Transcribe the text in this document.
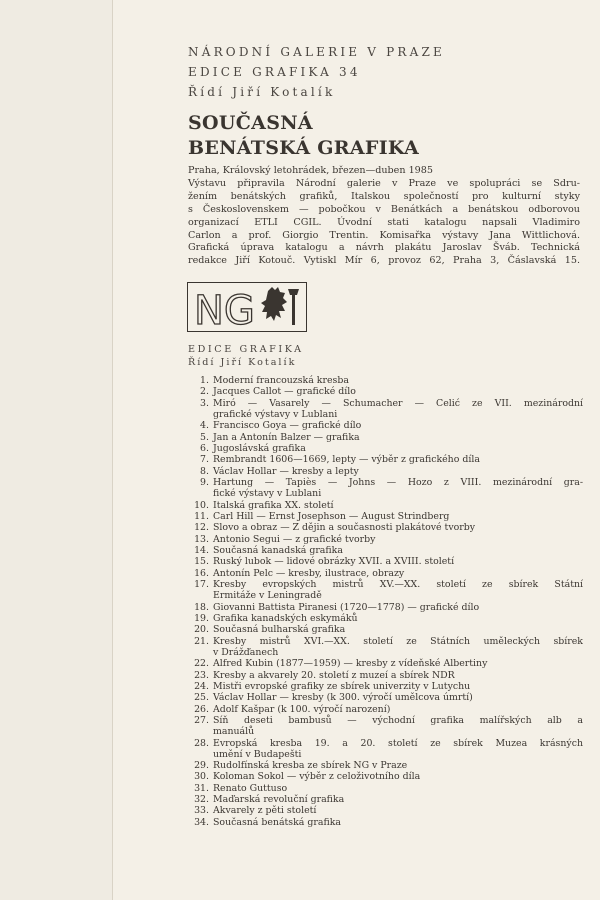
NÁRODNÍ GALERIE V PRAZE
EDICE GRAFIKA 34
Řídí Jiří Kotalík
SOUČASNÁ
BENÁTSKÁ GRAFIKA
Praha, Královský letohrádek, březen—duben 1985
Výstavu připravila Národní galerie v Praze ve spolupráci se Sdru-
žením benátských grafiků, Italskou společností pro kulturní styky
s Československem — pobočkou v Benátkách a benátskou odborovou
organizací ETLI CGIL. Úvodní stati katalogu napsali Vladimiro
Carlon a prof. Giorgio Trentin. Komisařka výstavy Jana Wittlichová.
Grafická úprava katalogu a návrh plakátu Jaroslav Šváb. Technická
redakce Jiří Kotouč. Vytiskl Mír 6, provoz 62, Praha 3, Čáslavská 15.
NG
EDICE GRAFIKA
Řídí Jiří Kotalík
1. Moderní francouzská kresba
2. Jacques Callot — grafické dílo
3. Miró — Vasarely — Schumacher — Celić ze VII. mezinárodní
grafické výstavy v Lublani
4. Francisco Goya — grafické dílo
5. Jan a Antonín Balzer — grafika
6. Jugoslávská grafika
7. Rembrandt 1606—1669, lepty — výběr z grafického díla
8. Václav Hollar — kresby a lepty
9. Hartung — Tapiès — Johns — Hozo z VIII. mezinárodní gra-
fické výstavy v Lublani
10. Italská grafika XX. století
11. Carl Hill — Ernst Josephson — August Strindberg
12. Slovo a obraz — Z dějin a současnosti plakátové tvorby
13. Antonio Segui — z grafické tvorby
14. Současná kanadská grafika
15. Ruský lubok — lidové obrázky XVII. a XVIII. století
16. Antonín Pelc — kresby, ilustrace, obrazy
17. Kresby evropských mistrů XV.—XX. století ze sbírek Státní
Ermitáže v Leningradě
18. Giovanni Battista Piranesi (1720—1778) — grafické dílo
19. Grafika kanadských eskymáků
20. Současná bulharská grafika
21. Kresby mistrů XVI.—XX. století ze Státních uměleckých sbírek
v Drážďanech
22. Alfred Kubin (1877—1959) — kresby z vídeňské Albertiny
23. Kresby a akvarely 20. století z muzeí a sbírek NDR
24. Mistři evropské grafiky ze sbírek univerzity v Lutychu
25. Václav Hollar — kresby (k 300. výročí umělcova úmrtí)
26. Adolf Kašpar (k 100. výročí narození)
27. Síň deseti bambusů — východní grafika malířských alb a
manuálů
28. Evropská kresba 19. a 20. století ze sbírek Muzea krásných
umění v Budapešti
29. Rudolfínská kresba ze sbírek NG v Praze
30. Koloman Sokol — výběr z celoživotního díla
31. Renato Guttuso
32. Maďarská revoluční grafika
33. Akvarely z pěti století
34. Současná benátská grafika
